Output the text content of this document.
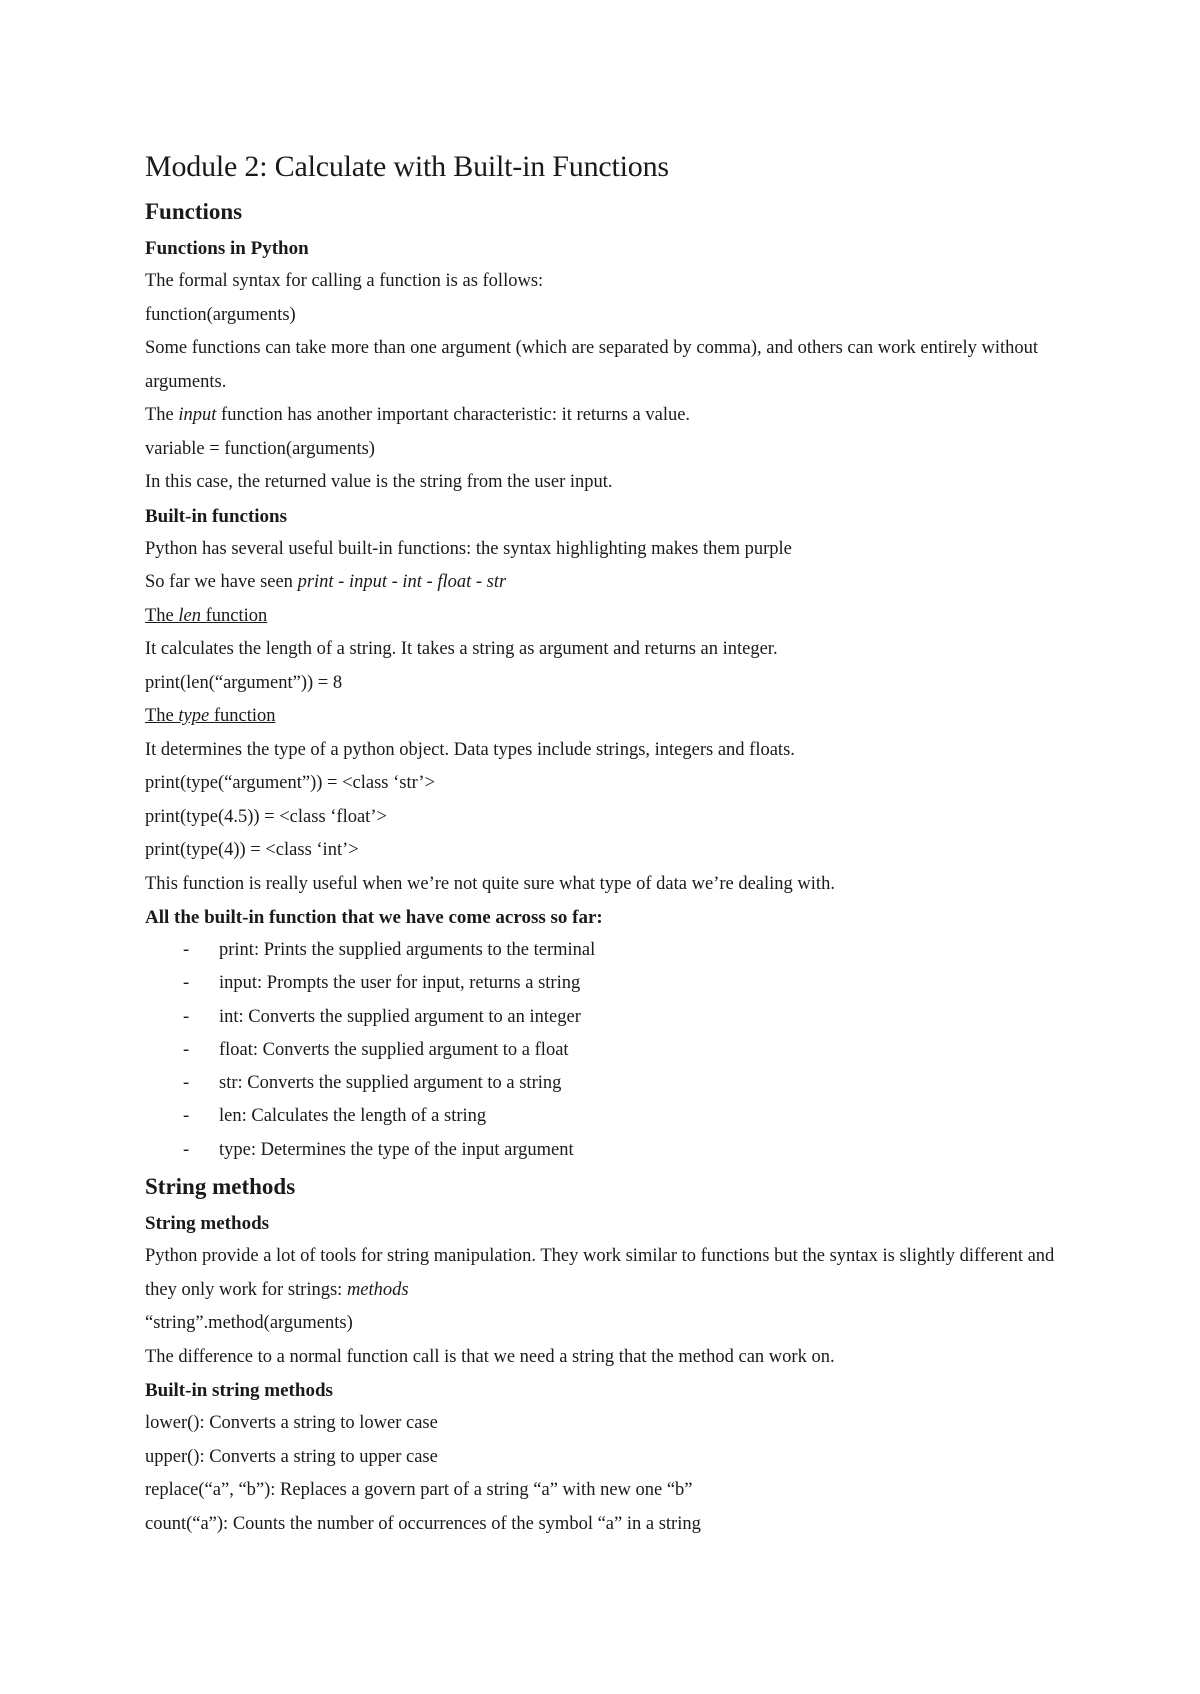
Module 2: Calculate with Built-in Functions
Functions
Functions in Python

The formal syntax for calling a function is as follows:

function(arguments)

Some functions can take more than one argument (which are separated by comma), and others can work entirely without arguments.

The input function has another important characteristic: it returns a value.

variable = function(arguments)

In this case, the returned value is the string from the user input.

Built-in functions

Python has several useful built-in functions: the syntax highlighting makes them purple

So far we have seen print - input - int - float - str

The len function

It calculates the length of a string. It takes a string as argument and returns an integer.

print(len(“argument”)) = 8

The type function

It determines the type of a python object. Data types include strings, integers and floats.

print(type(“argument”)) = <class ‘str’>

print(type(4.5)) = <class ‘float’>

print(type(4)) = <class ‘int’>

This function is really useful when we’re not quite sure what type of data we’re dealing with.

All the built-in function that we have come across so far:
- print: Prints the supplied arguments to the terminal
- input: Prompts the user for input, returns a string
- int: Converts the supplied argument to an integer
- float: Converts the supplied argument to a float
- str: Converts the supplied argument to a string
- len: Calculates the length of a string
- type: Determines the type of the input argument
String methods
String methods

Python provide a lot of tools for string manipulation. They work similar to functions but the syntax is slightly different and they only work for strings: methods

“string”.method(arguments)

The difference to a normal function call is that we need a string that the method can work on.

Built-in string methods

lower(): Converts a string to lower case

upper(): Converts a string to upper case

replace(“a”, “b”): Replaces a govern part of a string “a” with new one “b”

count(“a”): Counts the number of occurrences of the symbol “a” in a string
